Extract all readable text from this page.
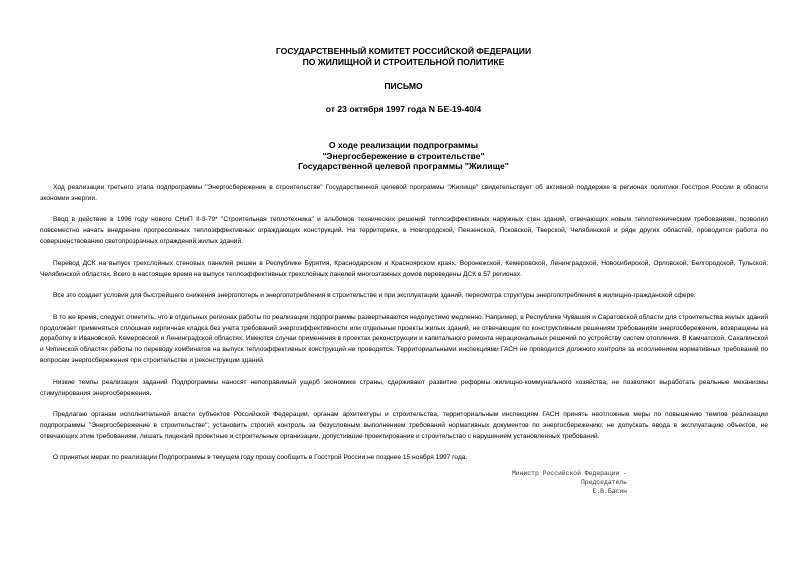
ГОСУДАРСТВЕННЫЙ КОМИТЕТ РОССИЙСКОЙ ФЕДЕРАЦИИ
ПО ЖИЛИЩНОЙ И СТРОИТЕЛЬНОЙ ПОЛИТИКЕ
ПИСЬМО
от 23 октября 1997 года N БЕ-19-40/4
О ходе реализации подпрограммы
"Энергосбережение в строительстве"
Государственной целевой программы "Жилище"

Ход реализации третьего этапа подпрограммы "Энергосбережение в строительстве" Государственной целевой программы "Жилище" свидетельствует об активной поддержке в регионах политики Госстроя России в области экономии энергии.

Ввод в действие в 1996 году нового СНиП II-3-79* "Строительная теплотехника" и альбомов технических решений теплоэффективных наружных стен зданий, отвечающих новым теплотехническим требованиям, позволил повсеместно начать внедрение прогрессивных теплоэффективных ограждающих конструкций. На территориях, в Новгородской, Пензенской, Псковской, Тверской, Челябинской и ряде других областей, проводится работа по совершенствованию светопрозрачных ограждений жилых зданий.

Перевод ДСК на выпуск трехслойных стеновых панелей решен в Республике Бурятия, Краснодарском и Красноярском краях, Воронежской, Кемеровской, Ленинградской, Новосибирской, Орловской, Белгородской, Тульской, Челябинской областях. Всего в настоящее время на выпуск теплоэффективных трехслойных панелей многоэтажных домов переведены ДСК в 57 регионах.

Все это создает условия для быстрейшего снижения энергопотерь и энергопотребления в строительстве и при эксплуатации зданий, пересмотра структуры энергопотребления в жилищно-гражданской сфере.

В то же время, следует отметить, что в отдельных регионах работы по реализации подпрограммы развертываются недопустимо медленно. Например, в Республике Чувашия и Саратовской области для строительства жилых зданий продолжает применяться сплошная кирпичная кладка без учета требований энергоэффективности или отдельные проекты жилых зданий, не отвечающие по конструктивным решениям требованиям энергосбережения, возвращены на доработку в Ивановской, Кемеровской и Ленинградской областях. Имеются случаи применения в проектах реконструкции и капитального ремонта нерациональных решений по устройству систем отопления. В Камчатской, Сахалинской и Читинской областях работы по переводу комбинатов на выпуск теплоэффективных конструкций не проводятся. Территориальными инспекциями ГАСН не проводится должного контроля за исполнением нормативных требований по вопросам энергосбережения при строительстве и реконструкции зданий.

Низкие темпы реализации заданий Подпрограммы наносят непоправимый ущерб экономике страны, сдерживают развитие реформы жилищно-коммунального хозяйства, не позволяют выработать реальные механизмы стимулирования энергосбережения.

Предлагаю органам исполнительной власти субъектов Российской Федерации, органам архитектуры и строительства, территориальным инспекциям ГАСН принять неотложные меры по повышению темпов реализации подпрограммы "Энергосбережение в строительстве"; установить строгий контроль за безусловным выполнением требований нормативных документов по энергосбережению; не допускать ввода в эксплуатацию объектов, не отвечающих этим требованиям; лишать лицензий проектные и строительные организации, допустившие проектирование и строительство с нарушением установленных требований.

О принятых мерах по реализации Подпрограммы в текущем году прошу сообщить в Госстрой России не позднее 15 ноября 1997 года.

Министр Российской Федерации -
Председатель
Е.В.Басин
